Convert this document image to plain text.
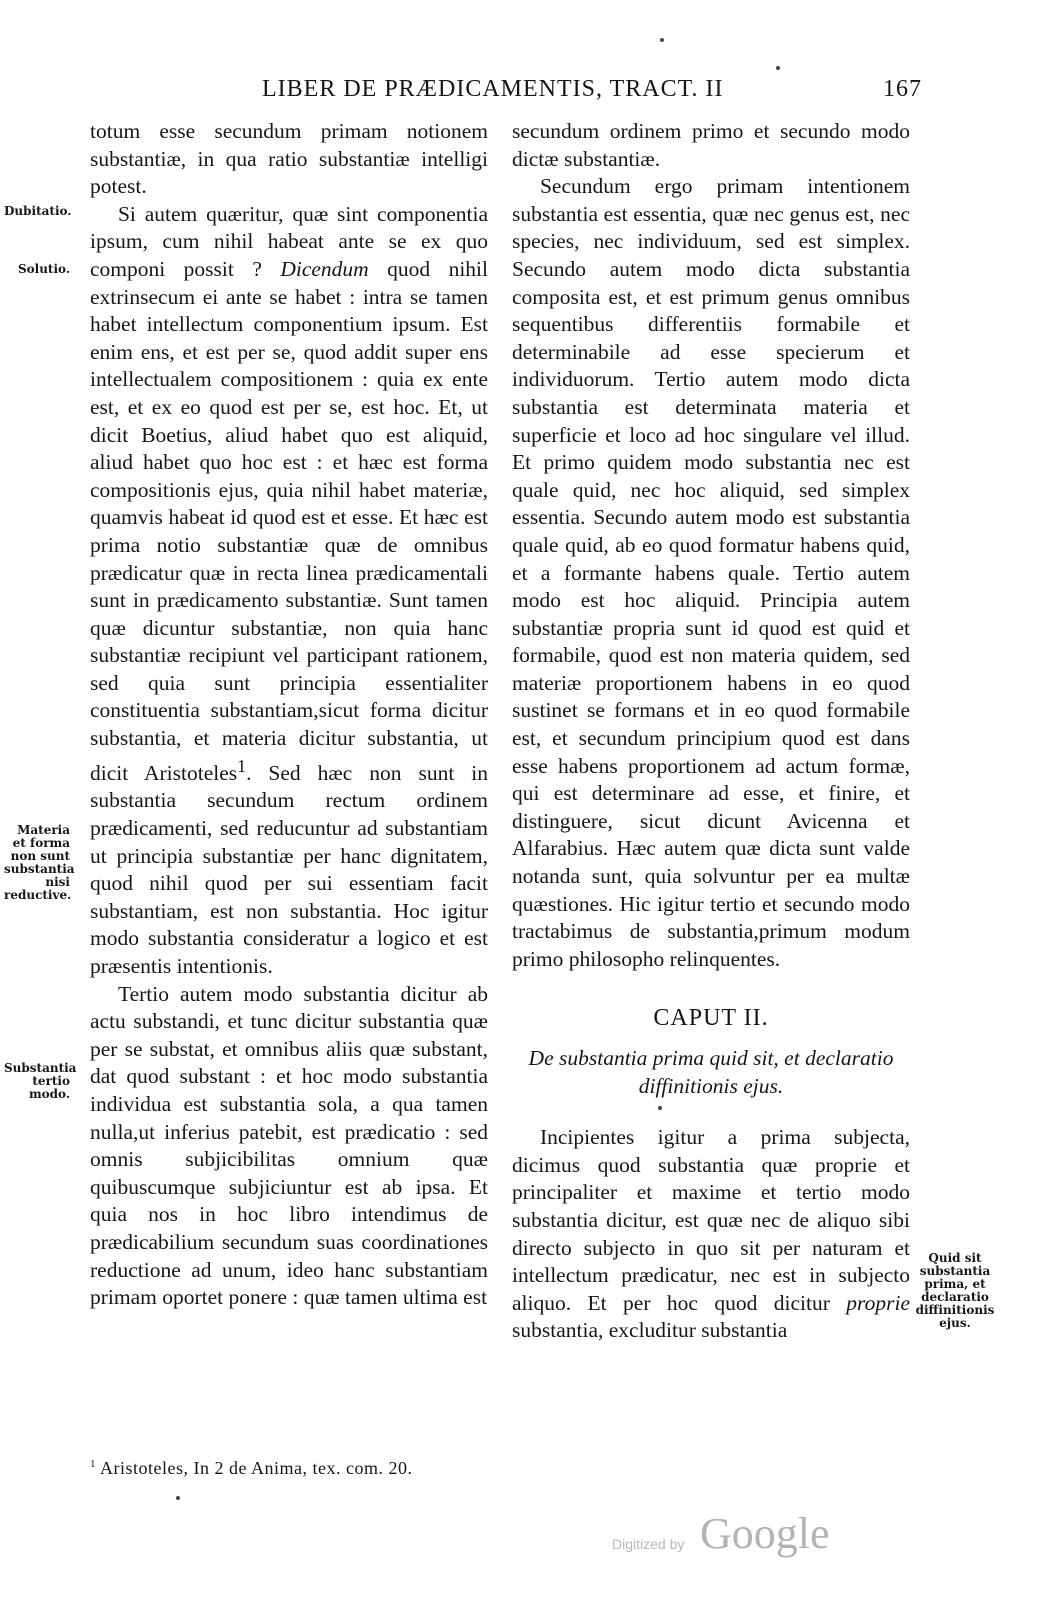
LIBER DE PRÆDICAMENTIS, TRACT. II	167

totum esse secundum primam notionem substantiæ, in qua ratio substantiæ intelligi potest.

Si autem quæritur, quæ sint componentia ipsum, cum nihil habeat ante se ex quo componi possit ? Dicendum quod nihil extrinsecum ei ante se habet : intra se tamen habet intellectum componentium ipsum. Est enim ens, et est per se, quod addit super ens intellectualem compositionem : quia ex ente est, et ex eo quod est per se, est hoc. Et, ut dicit Boetius, aliud habet quo est aliquid, aliud habet quo hoc est : et hæc est forma compositionis ejus, quia nihil habet materiæ, quamvis habeat id quod est et esse. Et hæc est prima notio substantiæ quæ de omnibus prædicatur quæ in recta linea prædicamentali sunt in prædicamento substantiæ. Sunt tamen quæ dicuntur substantiæ, non quia hanc substantiæ recipiunt vel participant rationem, sed quia sunt principia essentialiter constituentia substantiam,sicut forma dicitur substantia, et materia dicitur substantia, ut dicit Aristoteles$^1$. Sed hæc non sunt in substantia secundum rectum ordinem prædicamenti, sed reducuntur ad substantiam ut principia substantiæ per hanc dignitatem, quod nihil quod per sui essentiam facit substantiam, est non substantia. Hoc igitur modo substantia consideratur a logico et est præsentis intentionis.

Tertio autem modo substantia dicitur ab actu substandi, et tunc dicitur substantia quæ per se substat, et omnibus aliis quæ substant, dat quod substant : et hoc modo substantia individua est substantia sola, a qua tamen nulla,ut inferius patebit, est prædicatio : sed omnis subjicibilitas omnium quæ quibuscumque subjiciuntur est ab ipsa. Et quia nos in hoc libro intendimus de prædicabilium secundum suas coordinationes reductione ad unum, ideo hanc substantiam primam oportet ponere : quæ tamen ultima est

secundum ordinem primo et secundo modo dictæ substantiæ.

Secundum ergo primam intentionem substantia est essentia, quæ nec genus est, nec species, nec individuum, sed est simplex. Secundo autem modo dicta substantia composita est, et est primum genus omnibus sequentibus differentiis formabile et determinabile ad esse specierum et individuorum. Tertio autem modo dicta substantia est determinata materia et superficie et loco ad hoc singulare vel illud. Et primo quidem modo substantia nec est quale quid, nec hoc aliquid, sed simplex essentia. Secundo autem modo est substantia quale quid, ab eo quod formatur habens quid, et a formante habens quale. Tertio autem modo est hoc aliquid. Principia autem substantiæ propria sunt id quod est quid et formabile, quod est non materia quidem, sed materiæ proportionem habens in eo quod sustinet se formans et in eo quod formabile est, et secundum principium quod est dans esse habens proportionem ad actum formæ, qui est determinare ad esse, et finire, et distinguere, sicut dicunt Avicenna et Alfarabius. Hæc autem quæ dicta sunt valde notanda sunt, quia solvuntur per ea multæ quæstiones. Hic igitur tertio et secundo modo tractabimus de substantia,primum modum primo philosopho relinquentes.

CAPUT II.

De substantia prima quid sit, et declaratio diffinitionis ejus.

Incipientes igitur a prima subjecta, dicimus quod substantia quæ proprie et principaliter et maxime et tertio modo substantia dicitur, est quæ nec de aliquo sibi directo subjecto in quo sit per naturam et intellectum prædicatur, nec est in subjecto aliquo. Et per hoc quod dicitur proprie substantia, excluditur substantia

Dubitatio.
Solutio.
Materia et forma non sunt substantia nisi reductive.
Substantia tertio modo.
Quid sit substantia prima, et declaratio diffinitionis ejus.
$^1$ Aristoteles, In 2 de Anima, tex. com. 20.
Digitized by Google
